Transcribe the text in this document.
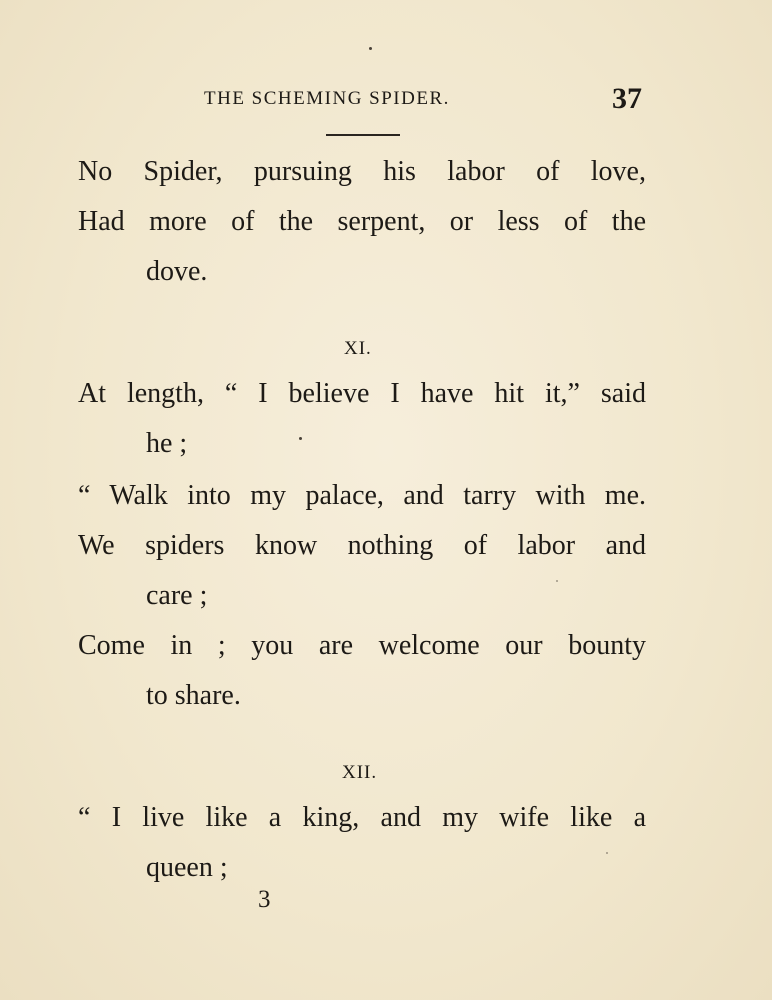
THE SCHEMING SPIDER.	37
No Spider, pursuing his labor of love,
Had more of the serpent, or less of the
dove.
XI.
At length, “ I believe I have hit it,” said
he ;
“ Walk into my palace, and tarry with me.
We spiders know nothing of labor and
care ;
Come in ; you are welcome our bounty
to share.
XII.
“ I live like a king, and my wife like a
queen ;
3
